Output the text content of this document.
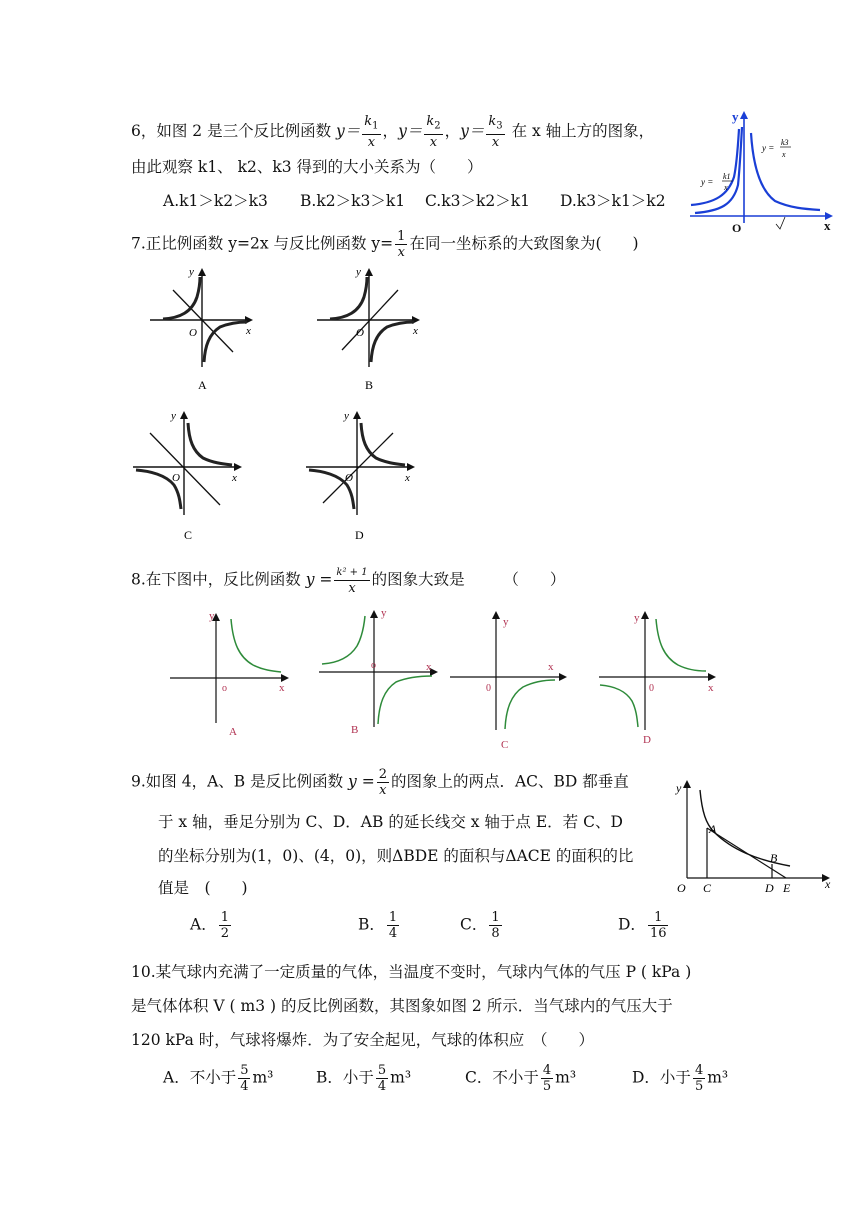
6，如图 2 是三个反比例函数 $y= \frac{k_1}{x}$ ，$y= \frac{k_2}{x}$ ，$y= \frac{k_3}{x}$ 在 x 轴上方的图象，
由此观察 k1、 k2、k3 得到的大小关系为（　　）
A.k1＞k2＞k3 B.k2＞k3＞k1 C.k3＞k2＞k1 D.k3＞k1＞k2
y
x
O
y =
k1
x
y =
k3
x
7.正比例函数 y=2x 与反比例函数 $y= \frac{1}{x}$ 在同一坐标系的大致图象为(　　)
y
x
O
A
y
x
O
B
y
x
O
C
y
x
O
D
8.在下图中，反比例函数 $y = \frac{\text{k² + 1}}{x}$ 的图象大致是　　　（　　）
y
x
o
A
y
x
o
B
y
x
0
C
y
x
0
D
9.如图 4，A、B 是反比例函数 $y = \frac{2}{x}$ 的图象上的两点．AC、BD 都垂直
于 x 轴，垂足分别为 C、D．AB 的延长线交 x 轴于点 E．若 C、D
的坐标分别为(1，0)、(4，0)，则ΔBDE 的面积与ΔACE 的面积的比
值是　(　　)
A． $\frac{1}{2}$	B． $\frac{1}{4}$	C． $\frac{1}{8}$	D． $\frac{1}{16}$
y
x
O
A
B
C	D E
10.某气球内充满了一定质量的气体，当温度不变时，气球内气体的气压 P ( kPa )
是气体体积 V ( m3 ) 的反比例函数，其图象如图 2 所示．当气球内的气压大于
120 kPa 时，气球将爆炸．为了安全起见，气球的体积应　（　　）
A．不小于 $\frac{5}{4} m^3$	B．小于 $\frac{5}{4} m^3$	C．不小于 $\frac{4}{5} m^3$	D．小于 $\frac{4}{5} m^3$
